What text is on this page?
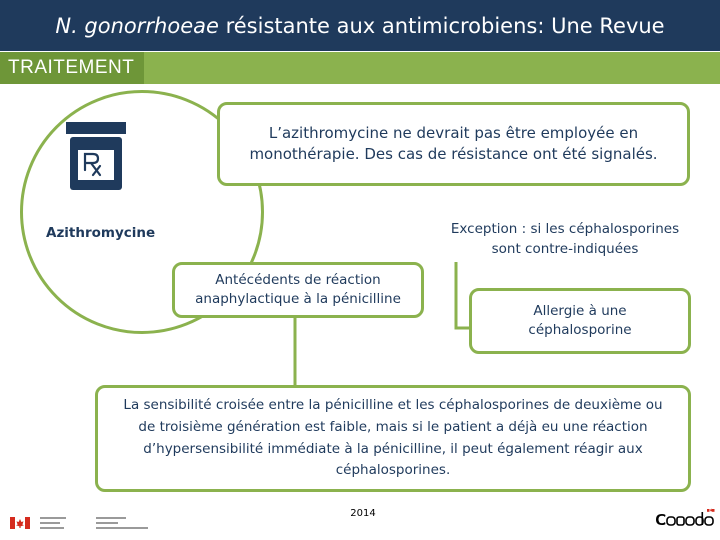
N. gonorrhoeae résistante aux antimicrobiens: Une Revue
TRAITEMENT
Azithromycine
L’azithromycine ne devrait pas être employée en monothérapie. Des cas de résistance ont été signalés.
Exception : si les céphalosporines sont contre-indiquées
Antécédents de réaction anaphylactique à la pénicilline
Allergie à une céphalosporine
La sensibilité croisée entre la pénicilline et les céphalosporines de deuxième ou de troisième génération est faible, mais si le patient a déjà eu une réaction d’hypersensibilité immédiate à la pénicilline, il peut également réagir aux céphalosporines.
2014
